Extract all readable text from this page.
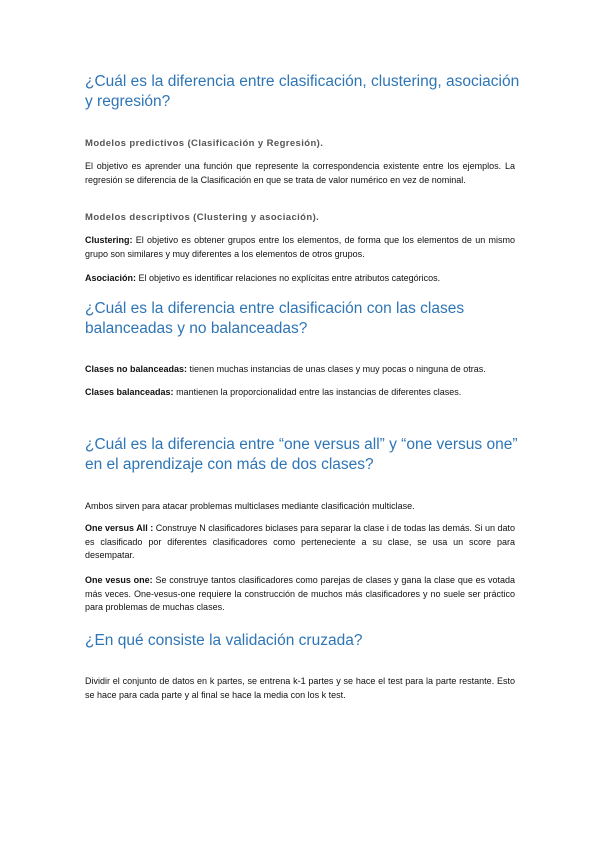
¿Cuál es la diferencia entre clasificación, clustering, asociación y regresión?

Modelos predictivos (Clasificación y Regresión).

El objetivo es aprender una función que represente la correspondencia existente entre los ejemplos. La regresión se diferencia de la Clasificación en que se trata de valor numérico en vez de nominal.

Modelos descriptivos (Clustering y asociación).

Clustering: El objetivo es obtener grupos entre los elementos, de forma que los elementos de un mismo grupo son similares y muy diferentes a los elementos de otros grupos.

Asociación: El objetivo es identificar relaciones no explícitas entre atributos categóricos.

¿Cuál es la diferencia entre clasificación con las clases balanceadas y no balanceadas?

Clases no balanceadas: tienen muchas instancias de unas clases y muy pocas o ninguna de otras.

Clases balanceadas: mantienen la proporcionalidad entre las instancias de diferentes clases.

¿Cuál es la diferencia entre “one versus all” y “one versus one” en el aprendizaje con más de dos clases?

Ambos sirven para atacar problemas multiclases mediante clasificación multiclase.

One versus All : Construye N clasificadores biclases para separar la clase i de todas las demás. Si un dato es clasificado por diferentes clasificadores como perteneciente a su clase, se usa un score para desempatar.

One vesus one: Se construye tantos clasificadores como parejas de clases y gana la clase que es votada más veces. One-vesus-one requiere la construcción de muchos más clasificadores y no suele ser práctico para problemas de muchas clases.

¿En qué consiste la validación cruzada?

Dividir el conjunto de datos en k partes, se entrena k-1 partes y se hace el test para la parte restante. Esto se hace para cada parte y al final se hace la media con los k test.
